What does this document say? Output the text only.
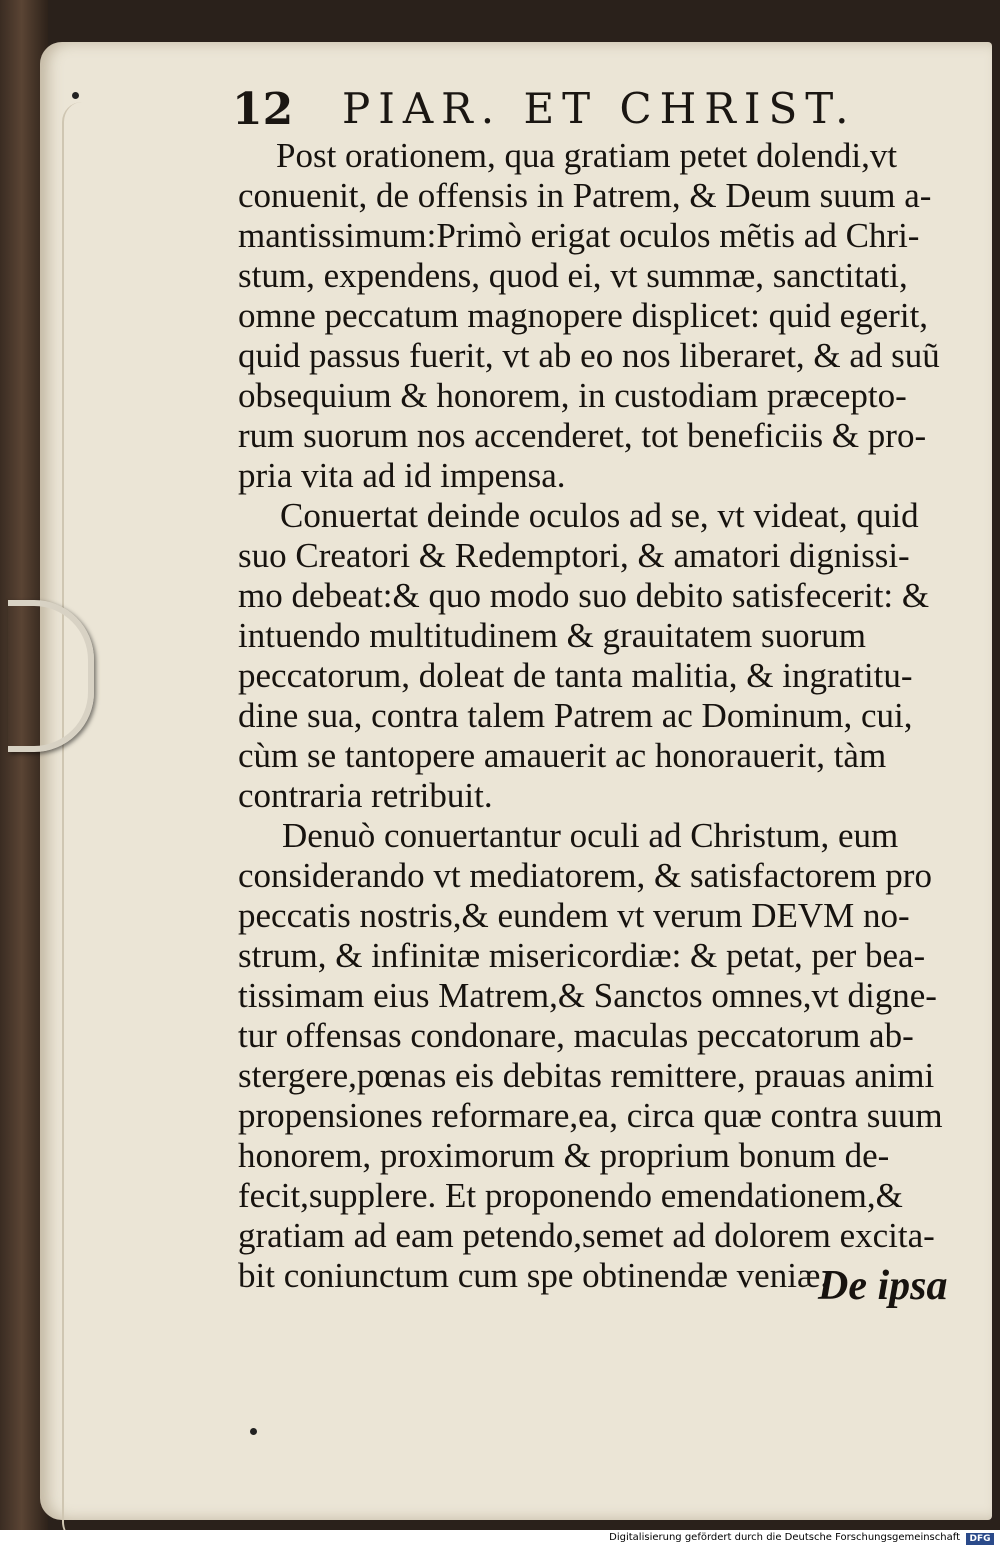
12 PIAR. ET CHRIST.
Post orationem, qua gratiam petet dolendi,vt
conuenit, de offensis in Patrem, & Deum suum a-
mantissimum:Primò erigat oculos mẽtis ad Chri-
stum, expendens, quod ei, vt summæ, sanctitati,
omne peccatum magnopere displicet: quid egerit,
quid passus fuerit, vt ab eo nos liberaret, & ad suũ
obsequium & honorem, in custodiam præcepto-
rum suorum nos accenderet, tot beneficiis & pro-
pria vita ad id impensa.
Conuertat deinde oculos ad se, vt videat, quid
suo Creatori & Redemptori, & amatori dignissi-
mo debeat:& quo modo suo debito satisfecerit: &
intuendo multitudinem & grauitatem suorum
peccatorum, doleat de tanta malitia, & ingratitu-
dine sua, contra talem Patrem ac Dominum, cui,
cùm se tantopere amauerit ac honorauerit, tàm
contraria retribuit.
Denuò conuertantur oculi ad Christum, eum
considerando vt mediatorem, & satisfactorem pro
peccatis nostris,& eundem vt verum DEVM no-
strum, & infinitæ misericordiæ: & petat, per bea-
tissimam eius Matrem,& Sanctos omnes,vt digne-
tur offensas condonare, maculas peccatorum ab-
stergere,pœnas eis debitas remittere, prauas animi
propensiones reformare,ea, circa quæ contra suum
honorem, proximorum & proprium bonum de-
fecit,supplere. Et proponendo emendationem,&
gratiam ad eam petendo,semet ad dolorem excita-
bit coniunctum cum spe obtinendæ veniæ.
De ipsa
Digitalisierung gefördert durch die Deutsche Forschungsgemeinschaft	DFG
